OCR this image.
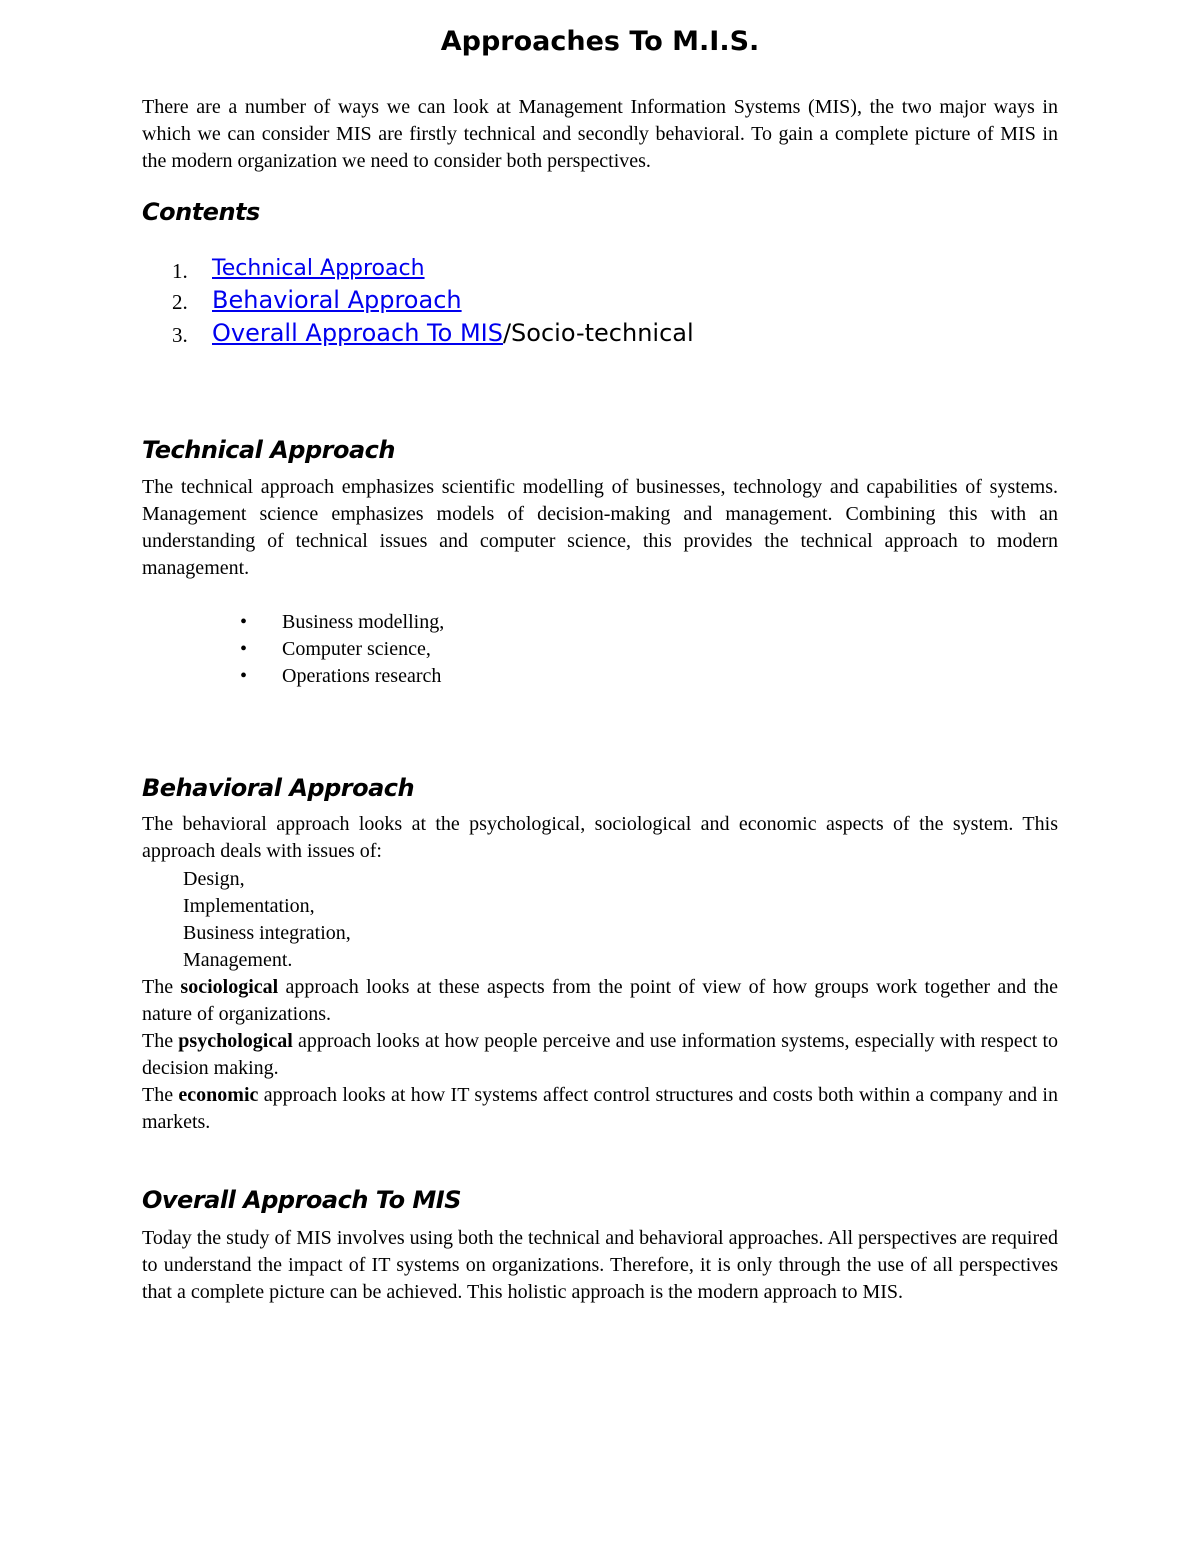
Approaches To M.I.S.

There are a number of ways we can look at Management Information Systems (MIS), the two major ways in which we can consider MIS are firstly technical and secondly behavioral. To gain a complete picture of MIS in the modern organization we need to consider both perspectives.

Contents
1. Technical Approach
2. Behavioral Approach
3. Overall Approach To MIS/Socio-technical
Technical Approach

The technical approach emphasizes scientific modelling of businesses, technology and capabilities of systems. Management science emphasizes models of decision-making and management. Combining this with an understanding of technical issues and computer science, this provides the technical approach to modern management.

• Business modelling,
• Computer science,
• Operations research
Behavioral Approach

The behavioral approach looks at the psychological, sociological and economic aspects of the system. This approach deals with issues of:

Design,
Implementation,
Business integration,
Management.

The sociological approach looks at these aspects from the point of view of how groups work together and the nature of organizations.

The psychological approach looks at how people perceive and use information systems, especially with respect to decision making.

The economic approach looks at how IT systems affect control structures and costs both within a company and in markets.

Overall Approach To MIS

Today the study of MIS involves using both the technical and behavioral approaches. All perspectives are required to understand the impact of IT systems on organizations. Therefore, it is only through the use of all perspectives that a complete picture can be achieved. This holistic approach is the modern approach to MIS.
